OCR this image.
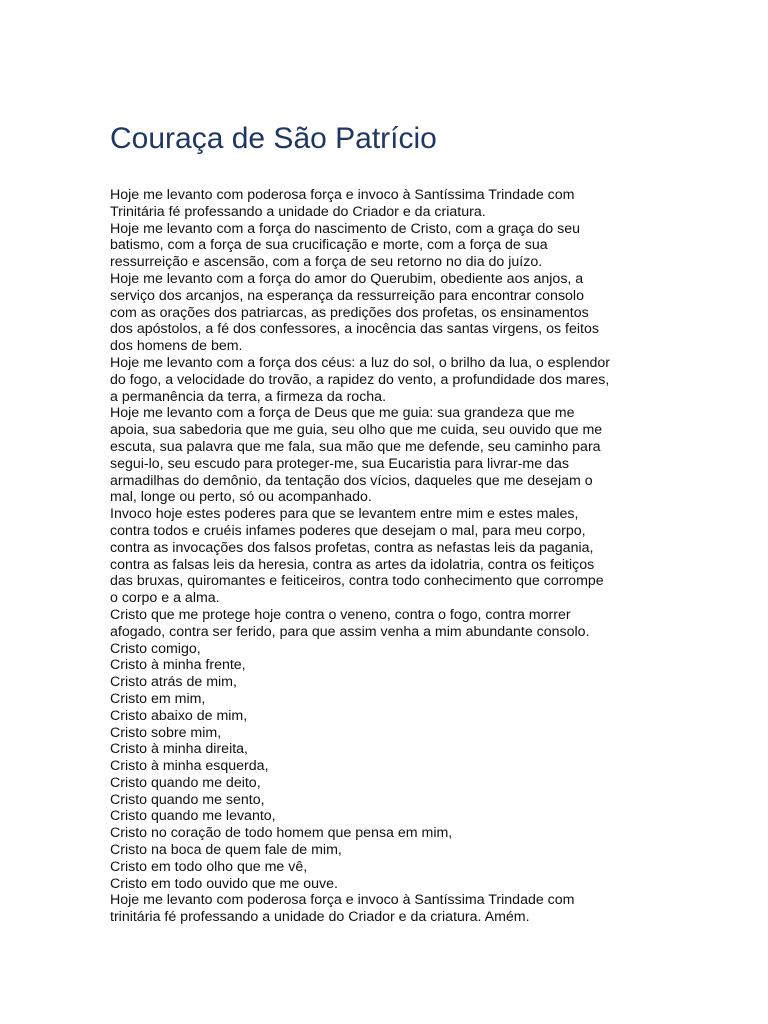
Couraça de São Patrício
Hoje me levanto com poderosa força e invoco à Santíssima Trindade com
Trinitária fé professando a unidade do Criador e da criatura.
Hoje me levanto com a força do nascimento de Cristo, com a graça do seu
batismo, com a força de sua crucificação e morte, com a força de sua
ressurreição e ascensão, com a força de seu retorno no dia do juízo.
Hoje me levanto com a força do amor do Querubim, obediente aos anjos, a
serviço dos arcanjos, na esperança da ressurreição para encontrar consolo
com as orações dos patriarcas, as predições dos profetas, os ensinamentos
dos apóstolos, a fé dos confessores, a inocência das santas virgens, os feitos
dos homens de bem.
Hoje me levanto com a força dos céus: a luz do sol, o brilho da lua, o esplendor
do fogo, a velocidade do trovão, a rapidez do vento, a profundidade dos mares,
a permanência da terra, a firmeza da rocha.
Hoje me levanto com a força de Deus que me guia: sua grandeza que me
apoia, sua sabedoria que me guia, seu olho que me cuida, seu ouvido que me
escuta, sua palavra que me fala, sua mão que me defende, seu caminho para
segui-lo, seu escudo para proteger-me, sua Eucaristia para livrar-me das
armadilhas do demônio, da tentação dos vícios, daqueles que me desejam o
mal, longe ou perto, só ou acompanhado.
Invoco hoje estes poderes para que se levantem entre mim e estes males,
contra todos e cruéis infames poderes que desejam o mal, para meu corpo,
contra as invocações dos falsos profetas, contra as nefastas leis da pagania,
contra as falsas leis da heresia, contra as artes da idolatria, contra os feitiços
das bruxas, quiromantes e feiticeiros, contra todo conhecimento que corrompe
o corpo e a alma.
Cristo que me protege hoje contra o veneno, contra o fogo, contra morrer
afogado, contra ser ferido, para que assim venha a mim abundante consolo.
Cristo comigo,
Cristo à minha frente,
Cristo atrás de mim,
Cristo em mim,
Cristo abaixo de mim,
Cristo sobre mim,
Cristo à minha direita,
Cristo à minha esquerda,
Cristo quando me deito,
Cristo quando me sento,
Cristo quando me levanto,
Cristo no coração de todo homem que pensa em mim,
Cristo na boca de quem fale de mim,
Cristo em todo olho que me vê,
Cristo em todo ouvido que me ouve.
Hoje me levanto com poderosa força e invoco à Santíssima Trindade com
trinitária fé professando a unidade do Criador e da criatura. Amém.
